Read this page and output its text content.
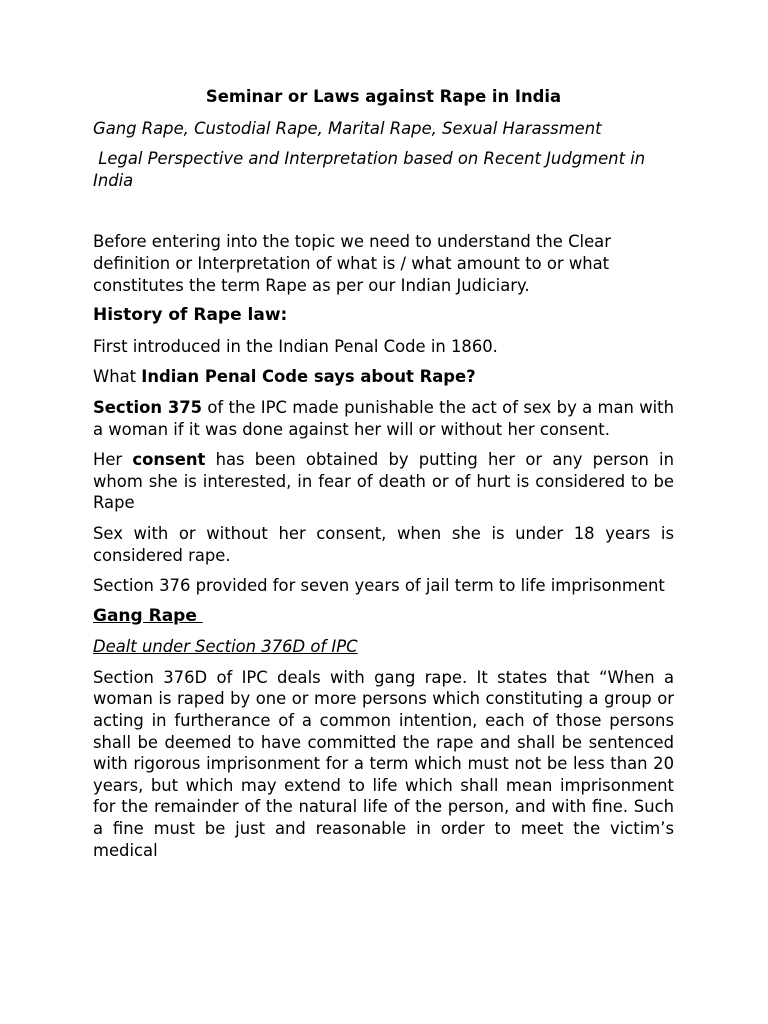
Seminar or Laws against Rape in India
Gang Rape, Custodial Rape, Marital Rape, Sexual Harassment
Legal Perspective and Interpretation based on Recent Judgment in India

Before entering into the topic we need to understand the Clear definition or Interpretation of what is / what amount to or what constitutes the term Rape as per our Indian Judiciary.

History of Rape law:

First introduced in the Indian Penal Code in 1860.

What Indian Penal Code says about Rape?

Section 375 of the IPC made punishable the act of sex by a man with a woman if it was done against her will or without her consent.

Her consent has been obtained by putting her or any person in whom she is interested, in fear of death or of hurt is considered to be Rape

Sex with or without her consent, when she is under 18 years is considered rape.

Section 376 provided for seven years of jail term to life imprisonment

Gang Rape

Dealt under Section 376D of IPC

Section 376D of IPC deals with gang rape. It states that “When a woman is raped by one or more persons which constituting a group or acting in furtherance of a common intention, each of those persons shall be deemed to have committed the rape and shall be sentenced with rigorous imprisonment for a term which must not be less than 20 years, but which may extend to life which shall mean imprisonment for the remainder of the natural life of the person, and with fine. Such a fine must be just and reasonable in order to meet the victim’s medical
